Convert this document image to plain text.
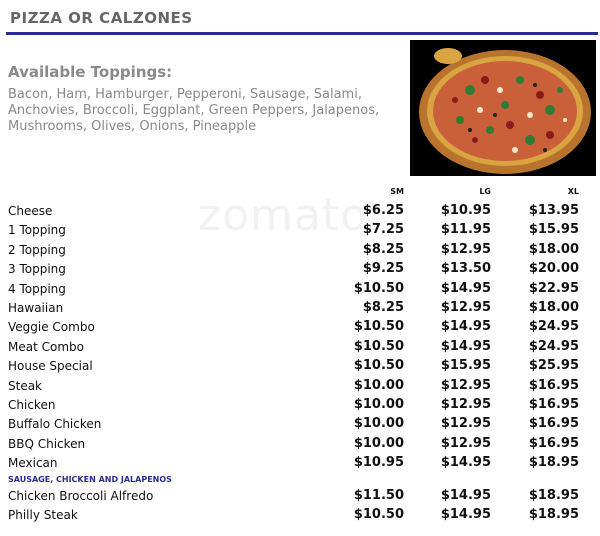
PIZZA OR CALZONES
zomato
Available Toppings:
Bacon, Ham, Hamburger, Pepperoni, Sausage, Salami, Anchovies, Broccoli, Eggplant, Green Peppers, Jalapenos, Mushrooms, Olives, Onions, Pineapple
SM	LG	XL
Cheese	$6.25	$10.95	$13.95
1 Topping	$7.25	$11.95	$15.95
2 Topping	$8.25	$12.95	$18.00
3 Topping	$9.25	$13.50	$20.00
4 Topping	$10.50	$14.95	$22.95
Hawaiian	$8.25	$12.95	$18.00
Veggie Combo	$10.50	$14.95	$24.95
Meat Combo	$10.50	$14.95	$24.95
House Special	$10.50	$15.95	$25.95
Steak	$10.00	$12.95	$16.95
Chicken	$10.00	$12.95	$16.95
Buffalo Chicken	$10.00	$12.95	$16.95
BBQ Chicken	$10.00	$12.95	$16.95
Mexican	$10.95	$14.95	$18.95
SAUSAGE, CHICKEN AND JALAPENOS
Chicken Broccoli Alfredo	$11.50	$14.95	$18.95
Philly Steak	$10.50	$14.95	$18.95
